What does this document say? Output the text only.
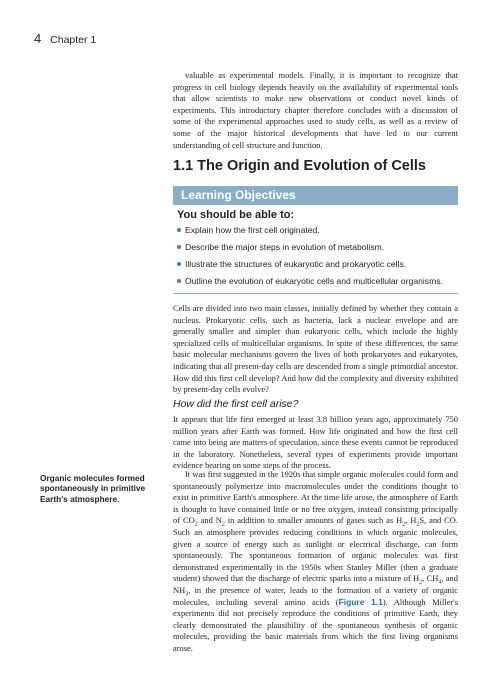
4 Chapter 1

valuable as experimental models. Finally, it is important to recognize that progress in cell biology depends heavily on the availability of experimental tools that allow scientists to make new observations or conduct novel kinds of experiments. This introductory chapter therefore concludes with a discussion of some of the experimental approaches used to study cells, as well as a review of some of the major historical developments that have led to our current understanding of cell structure and function.

1.1 The Origin and Evolution of Cells
Learning Objectives
You should be able to:
Explain how the first cell originated.
Describe the major steps in evolution of metabolism.
Illustrate the structures of eukaryotic and prokaryotic cells.
Outline the evolution of eukaryotic cells and multicellular organisms.

Cells are divided into two main classes, initially defined by whether they contain a nucleus. Prokaryotic cells, such as bacteria, lack a nuclear envelope and are generally smaller and simpler than eukaryotic cells, which include the highly specialized cells of multicellular organisms. In spite of these differences, the same basic molecular mechanisms govern the lives of both prokaryotes and eukaryotes, indicating that all present-day cells are descended from a single primordial ancestor. How did this first cell develop? And how did the complexity and diversity exhibited by present-day cells evolve?

How did the first cell arise?

It appears that life first emerged at least 3.8 billion years ago, approximately 750 million years after Earth was formed. How life originated and how the first cell came into being are matters of speculation, since these events cannot be reproduced in the laboratory. Nonetheless, several types of experiments provide important evidence bearing on some steps of the process.

It was first suggested in the 1920s that simple organic molecules could form and spontaneously polymerize into macromolecules under the conditions thought to exist in primitive Earth's atmosphere. At the time life arose, the atmosphere of Earth is thought to have contained little or no free oxygen, instead consisting principally of $CO_2$ and $N_2$ in addition to smaller amounts of gases such as $H_2$, $H_2S$, and CO. Such an atmosphere provides reducing conditions in which organic molecules, given a source of energy such as sunlight or electrical discharge, can form spontaneously. The spontaneous formation of organic molecules was first demonstrated experimentally in the 1950s when Stanley Miller (then a graduate student) showed that the discharge of electric sparks into a mixture of $H_2$, $CH_4$, and $NH_3$, in the presence of water, leads to the formation of a variety of organic molecules, including several amino acids (Figure 1.1). Although Miller's experiments did not precisely reproduce the conditions of primitive Earth, they clearly demonstrated the plausibility of the spontaneous synthesis of organic molecules, providing the basic materials from which the first living organisms arose.

Organic molecules formed spontaneously in primitive Earth's atmosphere.
